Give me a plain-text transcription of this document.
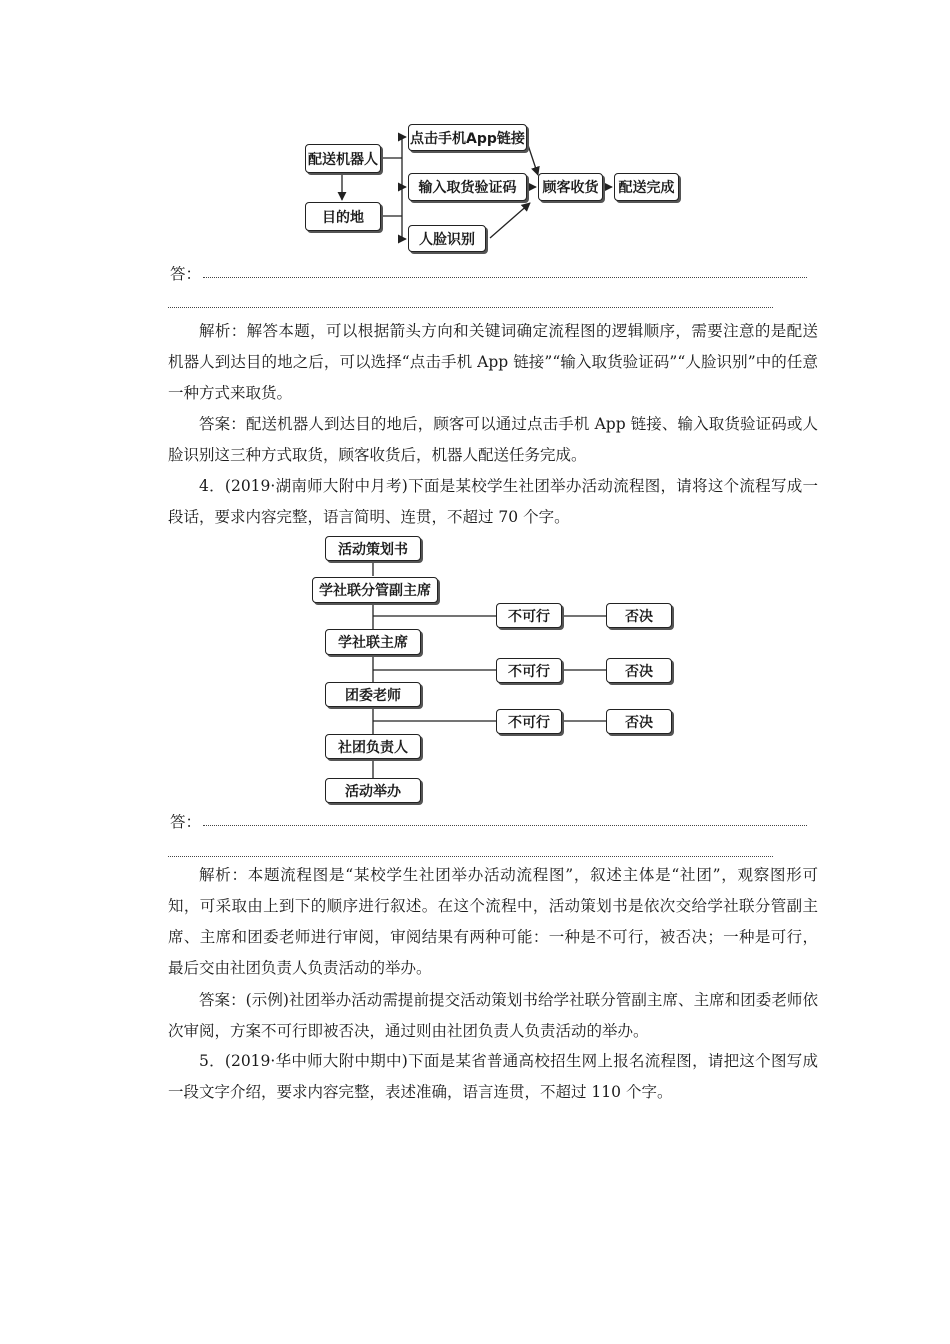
配送机器人
目的地
点击手机App链接
输入取货验证码
人脸识别
顾客收货	配送完成
答：
解析：解答本题，可以根据箭头方向和关键词确定流程图的逻辑顺序，需要注意的是配送机器人到达目的地之后，可以选择“点击手机 App 链接”“输入取货验证码”“人脸识别”中的任意一种方式来取货。
答案：配送机器人到达目的地后，顾客可以通过点击手机 App 链接、输入取货验证码或人脸识别这三种方式取货，顾客收货后，机器人配送任务完成。
4．(2019·湖南师大附中月考)下面是某校学生社团举办活动流程图，请将这个流程写成一段话，要求内容完整，语言简明、连贯，不超过 70 个字。
活动策划书
学社联分管副主席
学社联主席
团委老师
社团负责人
活动举办
不可行	否决
不可行	否决
不可行	否决
答：
解析：本题流程图是“某校学生社团举办活动流程图”，叙述主体是“社团”，观察图形可知，可采取由上到下的顺序进行叙述。在这个流程中，活动策划书是依次交给学社联分管副主席、主席和团委老师进行审阅，审阅结果有两种可能：一种是不可行，被否决；一种是可行，最后交由社团负责人负责活动的举办。
答案：(示例)社团举办活动需提前提交活动策划书给学社联分管副主席、主席和团委老师依次审阅，方案不可行即被否决，通过则由社团负责人负责活动的举办。
5．(2019·华中师大附中期中)下面是某省普通高校招生网上报名流程图，请把这个图写成一段文字介绍，要求内容完整，表述准确，语言连贯，不超过 110 个字。
